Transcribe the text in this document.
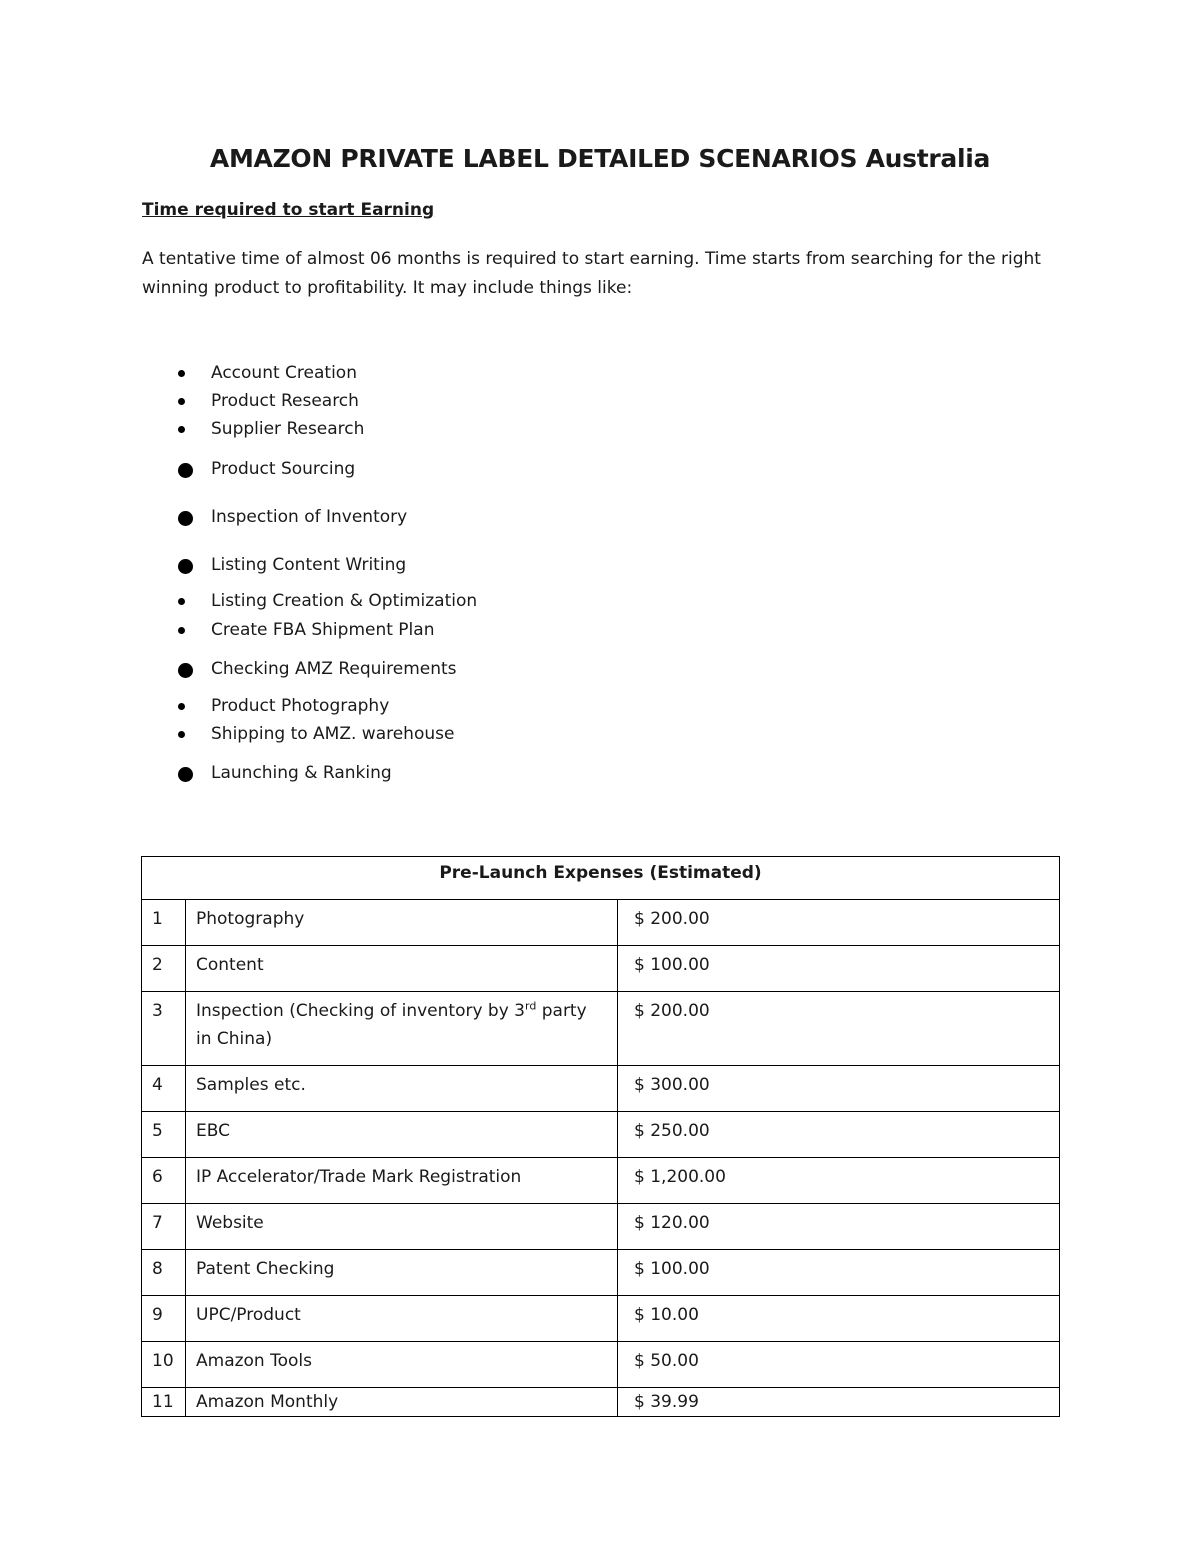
AMAZON PRIVATE LABEL DETAILED SCENARIOS Australia
Time required to start Earning
A tentative time of almost 06 months is required to start earning. Time starts from searching for the right winning product to profitability. It may include things like:
Account Creation
Product Research
Supplier Research
Product Sourcing
Inspection of Inventory
Listing Content Writing
Listing Creation & Optimization
Create FBA Shipment Plan
Checking AMZ Requirements
Product Photography
Shipping to AMZ. warehouse
Launching & Ranking
Pre-Launch Expenses (Estimated)		
1	Photography	$ 200.00
2	Content	$ 100.00
3	Inspection (Checking of inventory by 3rd party in China)	$ 200.00
4	Samples etc.	$ 300.00
5	EBC	$ 250.00
6	IP Accelerator/Trade Mark Registration	$ 1,200.00
7	Website	$ 120.00
8	Patent Checking	$ 100.00
9	UPC/Product	$ 10.00
10	Amazon Tools	$ 50.00
11	Amazon Monthly	$ 39.99
